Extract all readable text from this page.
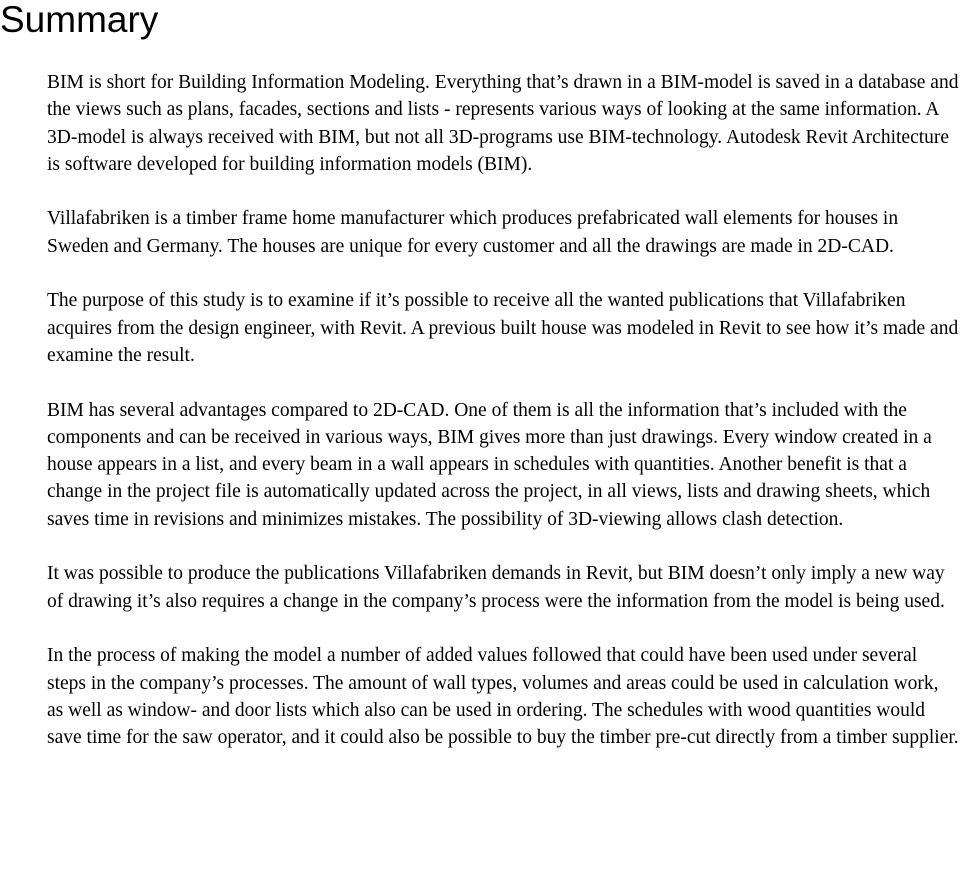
Summary

BIM is short for Building Information Modeling. Everything that’s drawn in a BIM-model is saved in a database and the views such as plans, facades, sections and lists - represents various ways of looking at the same information. A 3D-model is always received with BIM, but not all 3D-programs use BIM-technology. Autodesk Revit Architecture is software developed for building information models (BIM).

Villafabriken is a timber frame home manufacturer which produces prefabricated wall elements for houses in Sweden and Germany. The houses are unique for every customer and all the drawings are made in 2D-CAD.

The purpose of this study is to examine if it’s possible to receive all the wanted publications that Villafabriken acquires from the design engineer, with Revit. A previous built house was modeled in Revit to see how it’s made and examine the result.

BIM has several advantages compared to 2D-CAD. One of them is all the information that’s included with the components and can be received in various ways, BIM gives more than just drawings. Every window created in a house appears in a list, and every beam in a wall appears in schedules with quantities. Another benefit is that a change in the project file is automatically updated across the project, in all views, lists and drawing sheets, which saves time in revisions and minimizes mistakes. The possibility of 3D-viewing allows clash detection.

It was possible to produce the publications Villafabriken demands in Revit, but BIM doesn’t only imply a new way of drawing it’s also requires a change in the company’s process were the information from the model is being used.

In the process of making the model a number of added values followed that could have been used under several steps in the company’s processes. The amount of wall types, volumes and areas could be used in calculation work, as well as window- and door lists which also can be used in ordering. The schedules with wood quantities would save time for the saw operator, and it could also be possible to buy the timber pre-cut directly from a timber supplier.
